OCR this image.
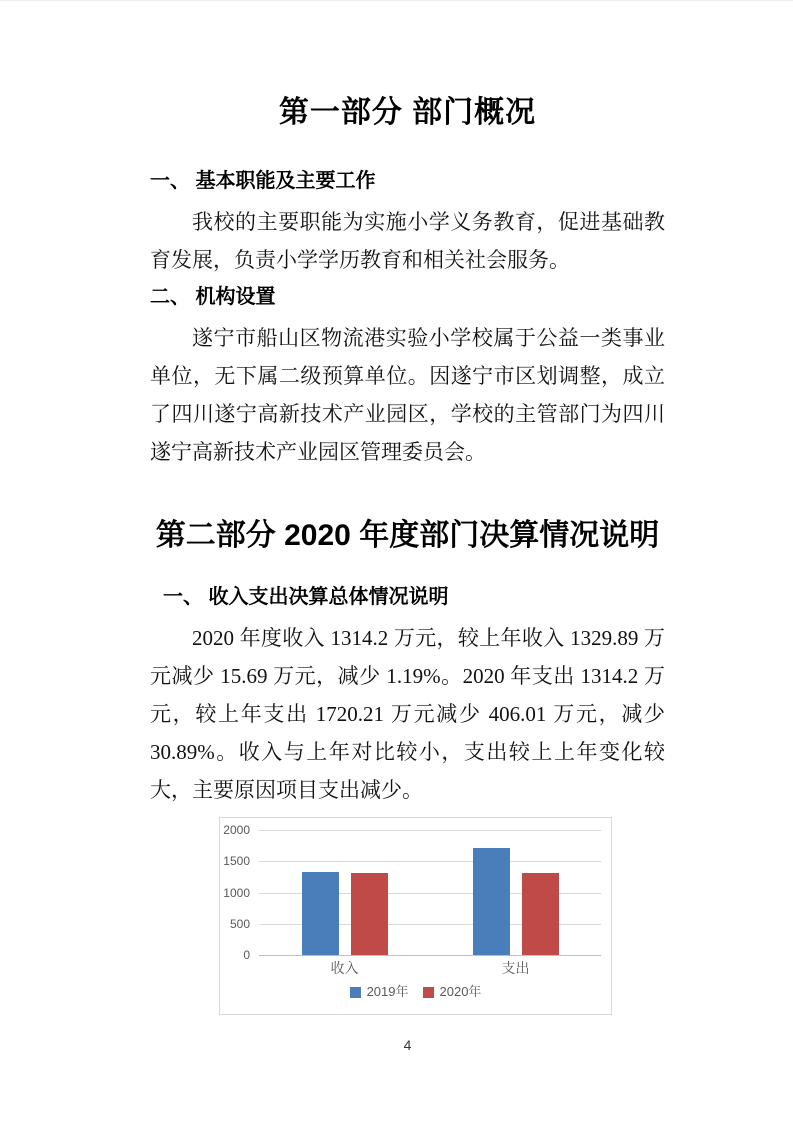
第一部分 部门概况
一、 基本职能及主要工作

我校的主要职能为实施小学义务教育，促进基础教育发展，负责小学学历教育和相关社会服务。

二、 机构设置

遂宁市船山区物流港实验小学校属于公益一类事业单位，无下属二级预算单位。因遂宁市区划调整，成立了四川遂宁高新技术产业园区，学校的主管部门为四川遂宁高新技术产业园区管理委员会。

第二部分 2020 年度部门决算情况说明
一、 收入支出决算总体情况说明

2020 年度收入 1314.2 万元，较上年收入 1329.89 万元减少 15.69 万元，减少 1.19%。2020 年支出 1314.2 万元，较上年支出 1720.21 万元减少 406.01 万元，减少 30.89%。收入与上年对比较小，支出较上上年变化较大，主要原因项目支出减少。

0
500
1000
1500
2000
收入	支出
2019年 2020年
4
